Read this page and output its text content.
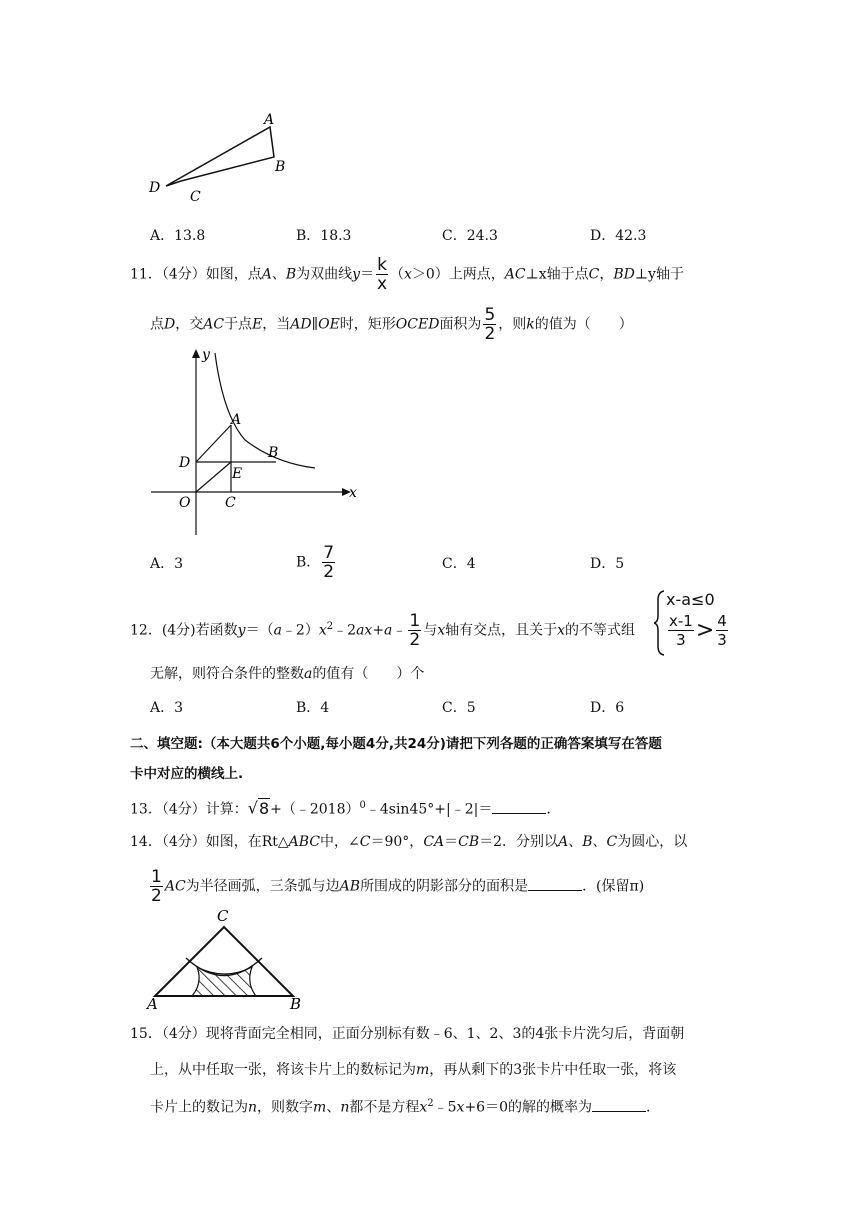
A
B
C
D
A．13.8	B．18.3	C．24.3	D．42.3
11．（4分）如图，点A、B为双曲线$y= \frac{k}{x} (x>0)$上两点，AC⊥x轴于点C，BD⊥y轴于
点D，交AC于点E，当AD∥OE时，矩形OCED面积为 $\frac{5}{2}$ ，则k的值为（　　）
y
x
A
B
D
E
O C
A．3	B． $\frac{7}{2}$	C．4	D．5
12．(4分)若函数$y=(a﹣2)x^2﹣2ax+a﹣ \frac{1}{2}$ 与x轴有交点，且关于x的不等式组
x-a≤0
$\frac{x-1}{3} > \frac{4}{3}$
无解，则符合条件的整数a的值有（　　）个
A．3	B．4	C．5	D．6
二、填空题:（本大题共6个小题,每小题4分,共24分)请把下列各题的正确答案填写在答题
卡中对应的横线上.
13．（4分）计算：√8+（﹣2018）$^0$﹣4sin45°+|﹣2|＝	.
14．（4分）如图，在Rt△ABC中，∠C＝90°，CA＝CB＝2．分别以A、B、C为圆心，以
$\frac{1}{2}$ AC为半径画弧，三条弧与边AB所围成的阴影部分的面积是	．(保留π)
C
A	B
15．（4分）现将背面完全相同，正面分别标有数﹣6、1、2、3的4张卡片洗匀后，背面朝
上，从中任取一张，将该卡片上的数标记为m，再从剩下的3张卡片中任取一张，将该
卡片上的数记为n，则数字m、n都不是方程$x^2﹣5x+6=0$的解的概率为	.
